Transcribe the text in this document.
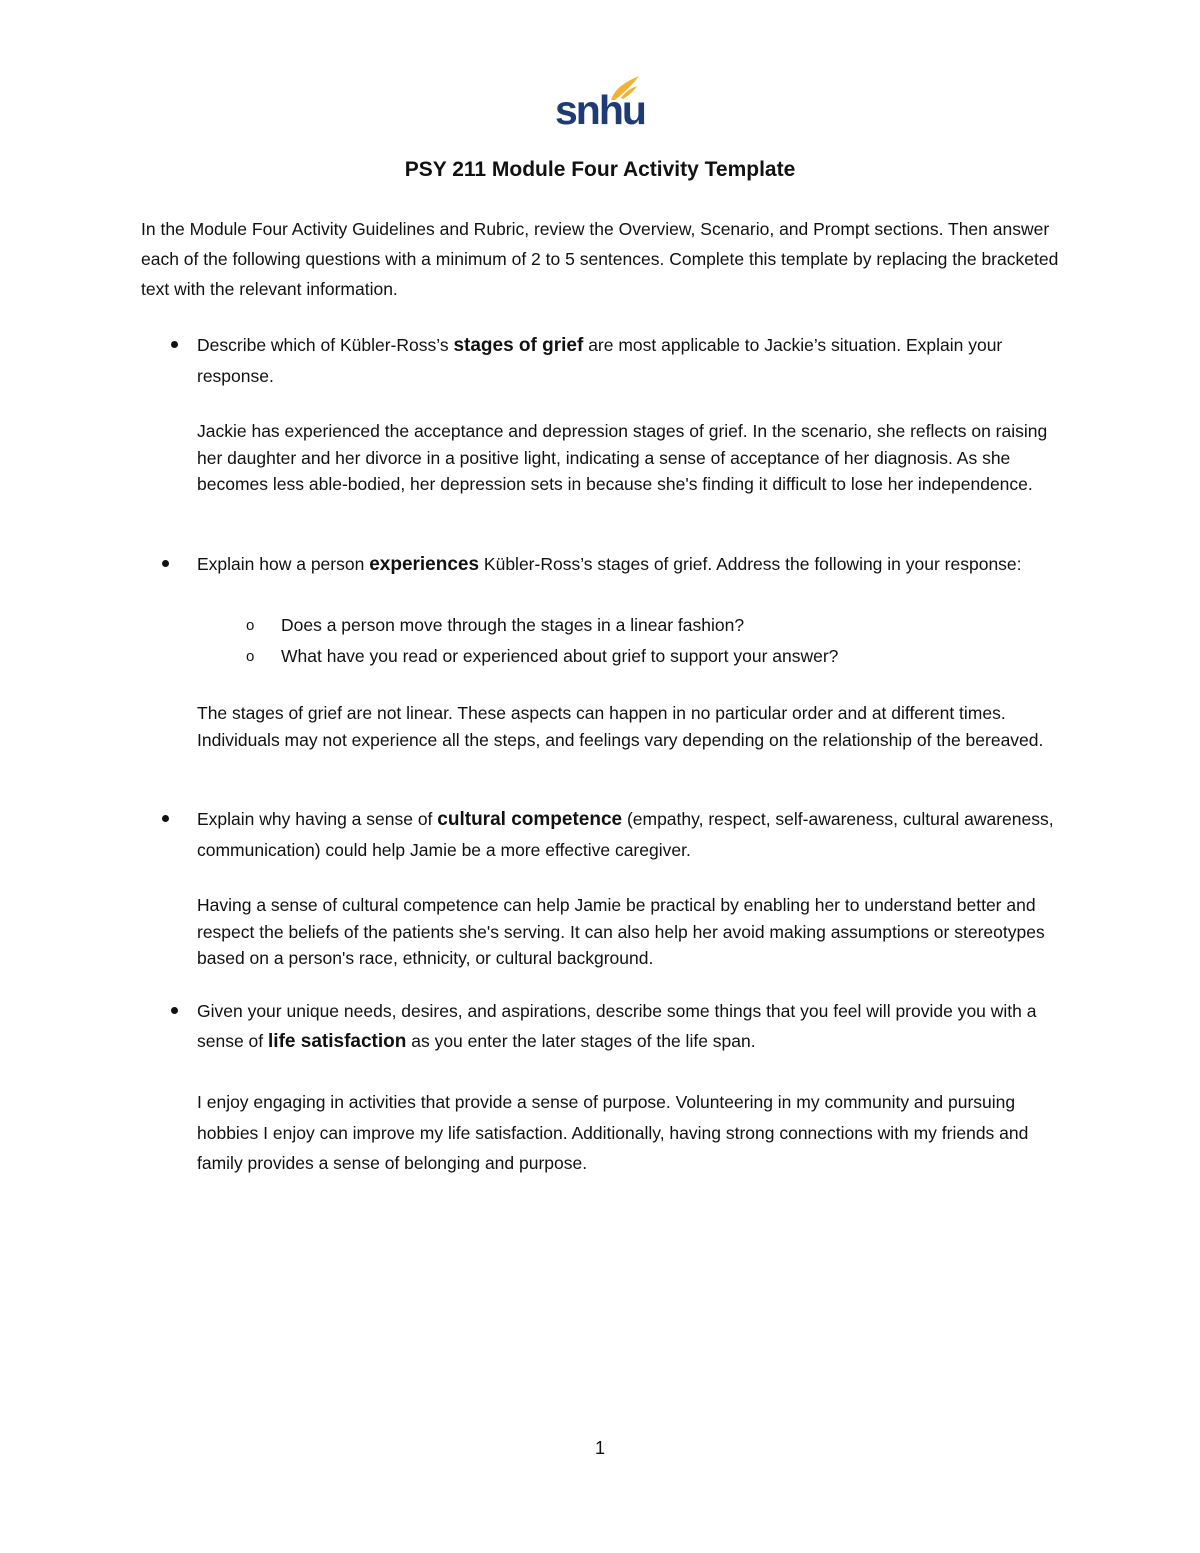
snhu
PSY 211 Module Four Activity Template
In the Module Four Activity Guidelines and Rubric, review the Overview, Scenario, and Prompt sections. Then answer each of the following questions with a minimum of 2 to 5 sentences. Complete this template by replacing the bracketed text with the relevant information.
Describe which of Kübler-Ross’s stages of grief are most applicable to Jackie’s situation. Explain your response.
Jackie has experienced the acceptance and depression stages of grief. In the scenario, she reflects on raising her daughter and her divorce in a positive light, indicating a sense of acceptance of her diagnosis. As she becomes less able-bodied, her depression sets in because she's finding it difficult to lose her independence.
Explain how a person experiences Kübler-Ross’s stages of grief. Address the following in your response:
o Does a person move through the stages in a linear fashion?
o What have you read or experienced about grief to support your answer?
The stages of grief are not linear. These aspects can happen in no particular order and at different times. Individuals may not experience all the steps, and feelings vary depending on the relationship of the bereaved.
Explain why having a sense of cultural competence (empathy, respect, self-awareness, cultural awareness, communication) could help Jamie be a more effective caregiver.
Having a sense of cultural competence can help Jamie be practical by enabling her to understand better and respect the beliefs of the patients she's serving. It can also help her avoid making assumptions or stereotypes based on a person's race, ethnicity, or cultural background.
Given your unique needs, desires, and aspirations, describe some things that you feel will provide you with a sense of life satisfaction as you enter the later stages of the life span.
I enjoy engaging in activities that provide a sense of purpose. Volunteering in my community and pursuing hobbies I enjoy can improve my life satisfaction. Additionally, having strong connections with my friends and family provides a sense of belonging and purpose.
1
